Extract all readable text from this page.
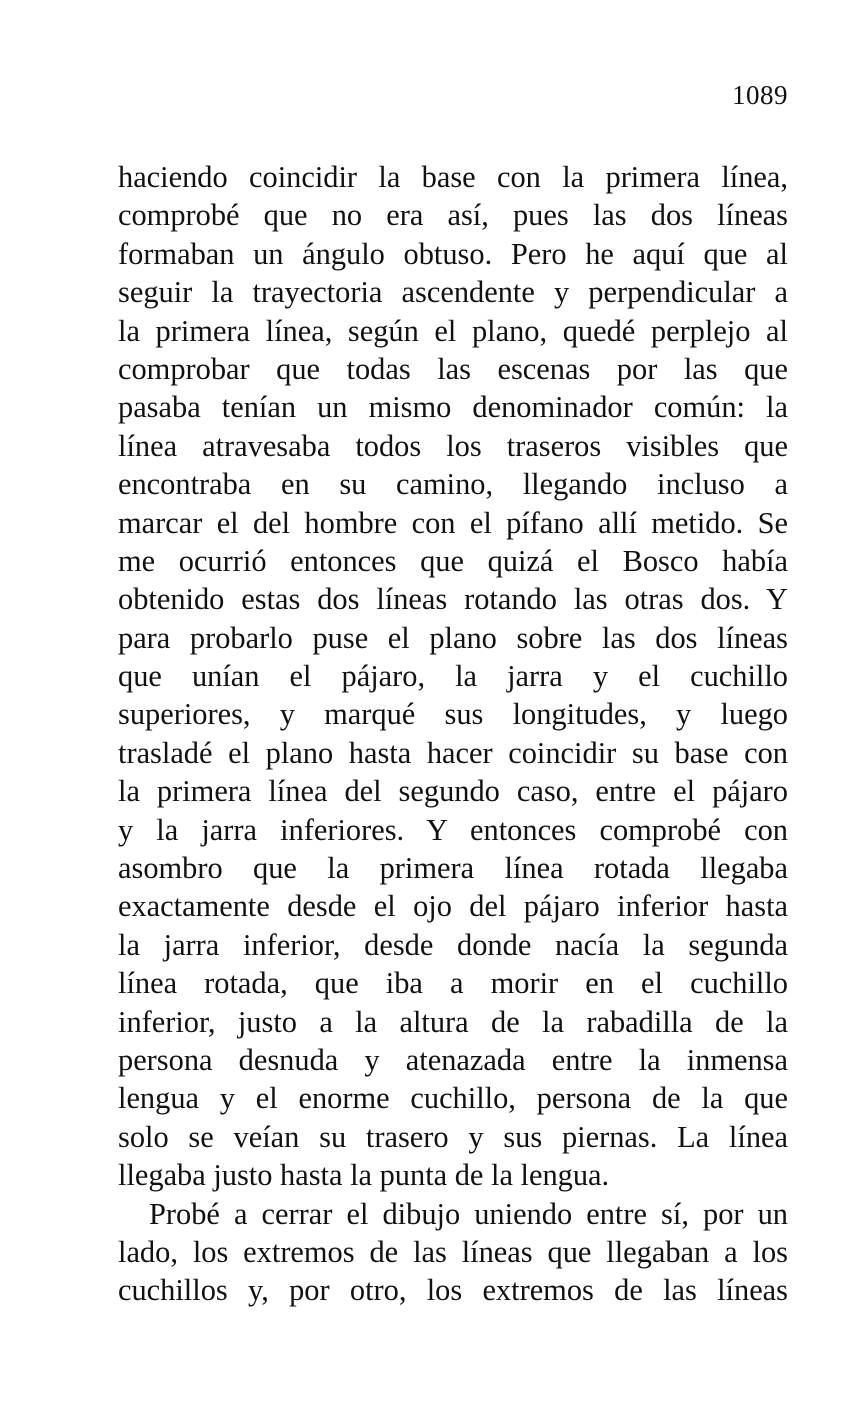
1089
haciendo coincidir la base con la primera línea,
comprobé que no era así, pues las dos líneas
formaban un ángulo obtuso. Pero he aquí que al
seguir la trayectoria ascendente y perpendicular a
la primera línea, según el plano, quedé perplejo al
comprobar que todas las escenas por las que
pasaba tenían un mismo denominador común: la
línea atravesaba todos los traseros visibles que
encontraba en su camino, llegando incluso a
marcar el del hombre con el pífano allí metido. Se
me ocurrió entonces que quizá el Bosco había
obtenido estas dos líneas rotando las otras dos. Y
para probarlo puse el plano sobre las dos líneas
que unían el pájaro, la jarra y el cuchillo
superiores, y marqué sus longitudes, y luego
trasladé el plano hasta hacer coincidir su base con
la primera línea del segundo caso, entre el pájaro
y la jarra inferiores. Y entonces comprobé con
asombro que la primera línea rotada llegaba
exactamente desde el ojo del pájaro inferior hasta
la jarra inferior, desde donde nacía la segunda
línea rotada, que iba a morir en el cuchillo
inferior, justo a la altura de la rabadilla de la
persona desnuda y atenazada entre la inmensa
lengua y el enorme cuchillo, persona de la que
solo se veían su trasero y sus piernas. La línea
llegaba justo hasta la punta de la lengua.
Probé a cerrar el dibujo uniendo entre sí, por un
lado, los extremos de las líneas que llegaban a los
cuchillos y, por otro, los extremos de las líneas
